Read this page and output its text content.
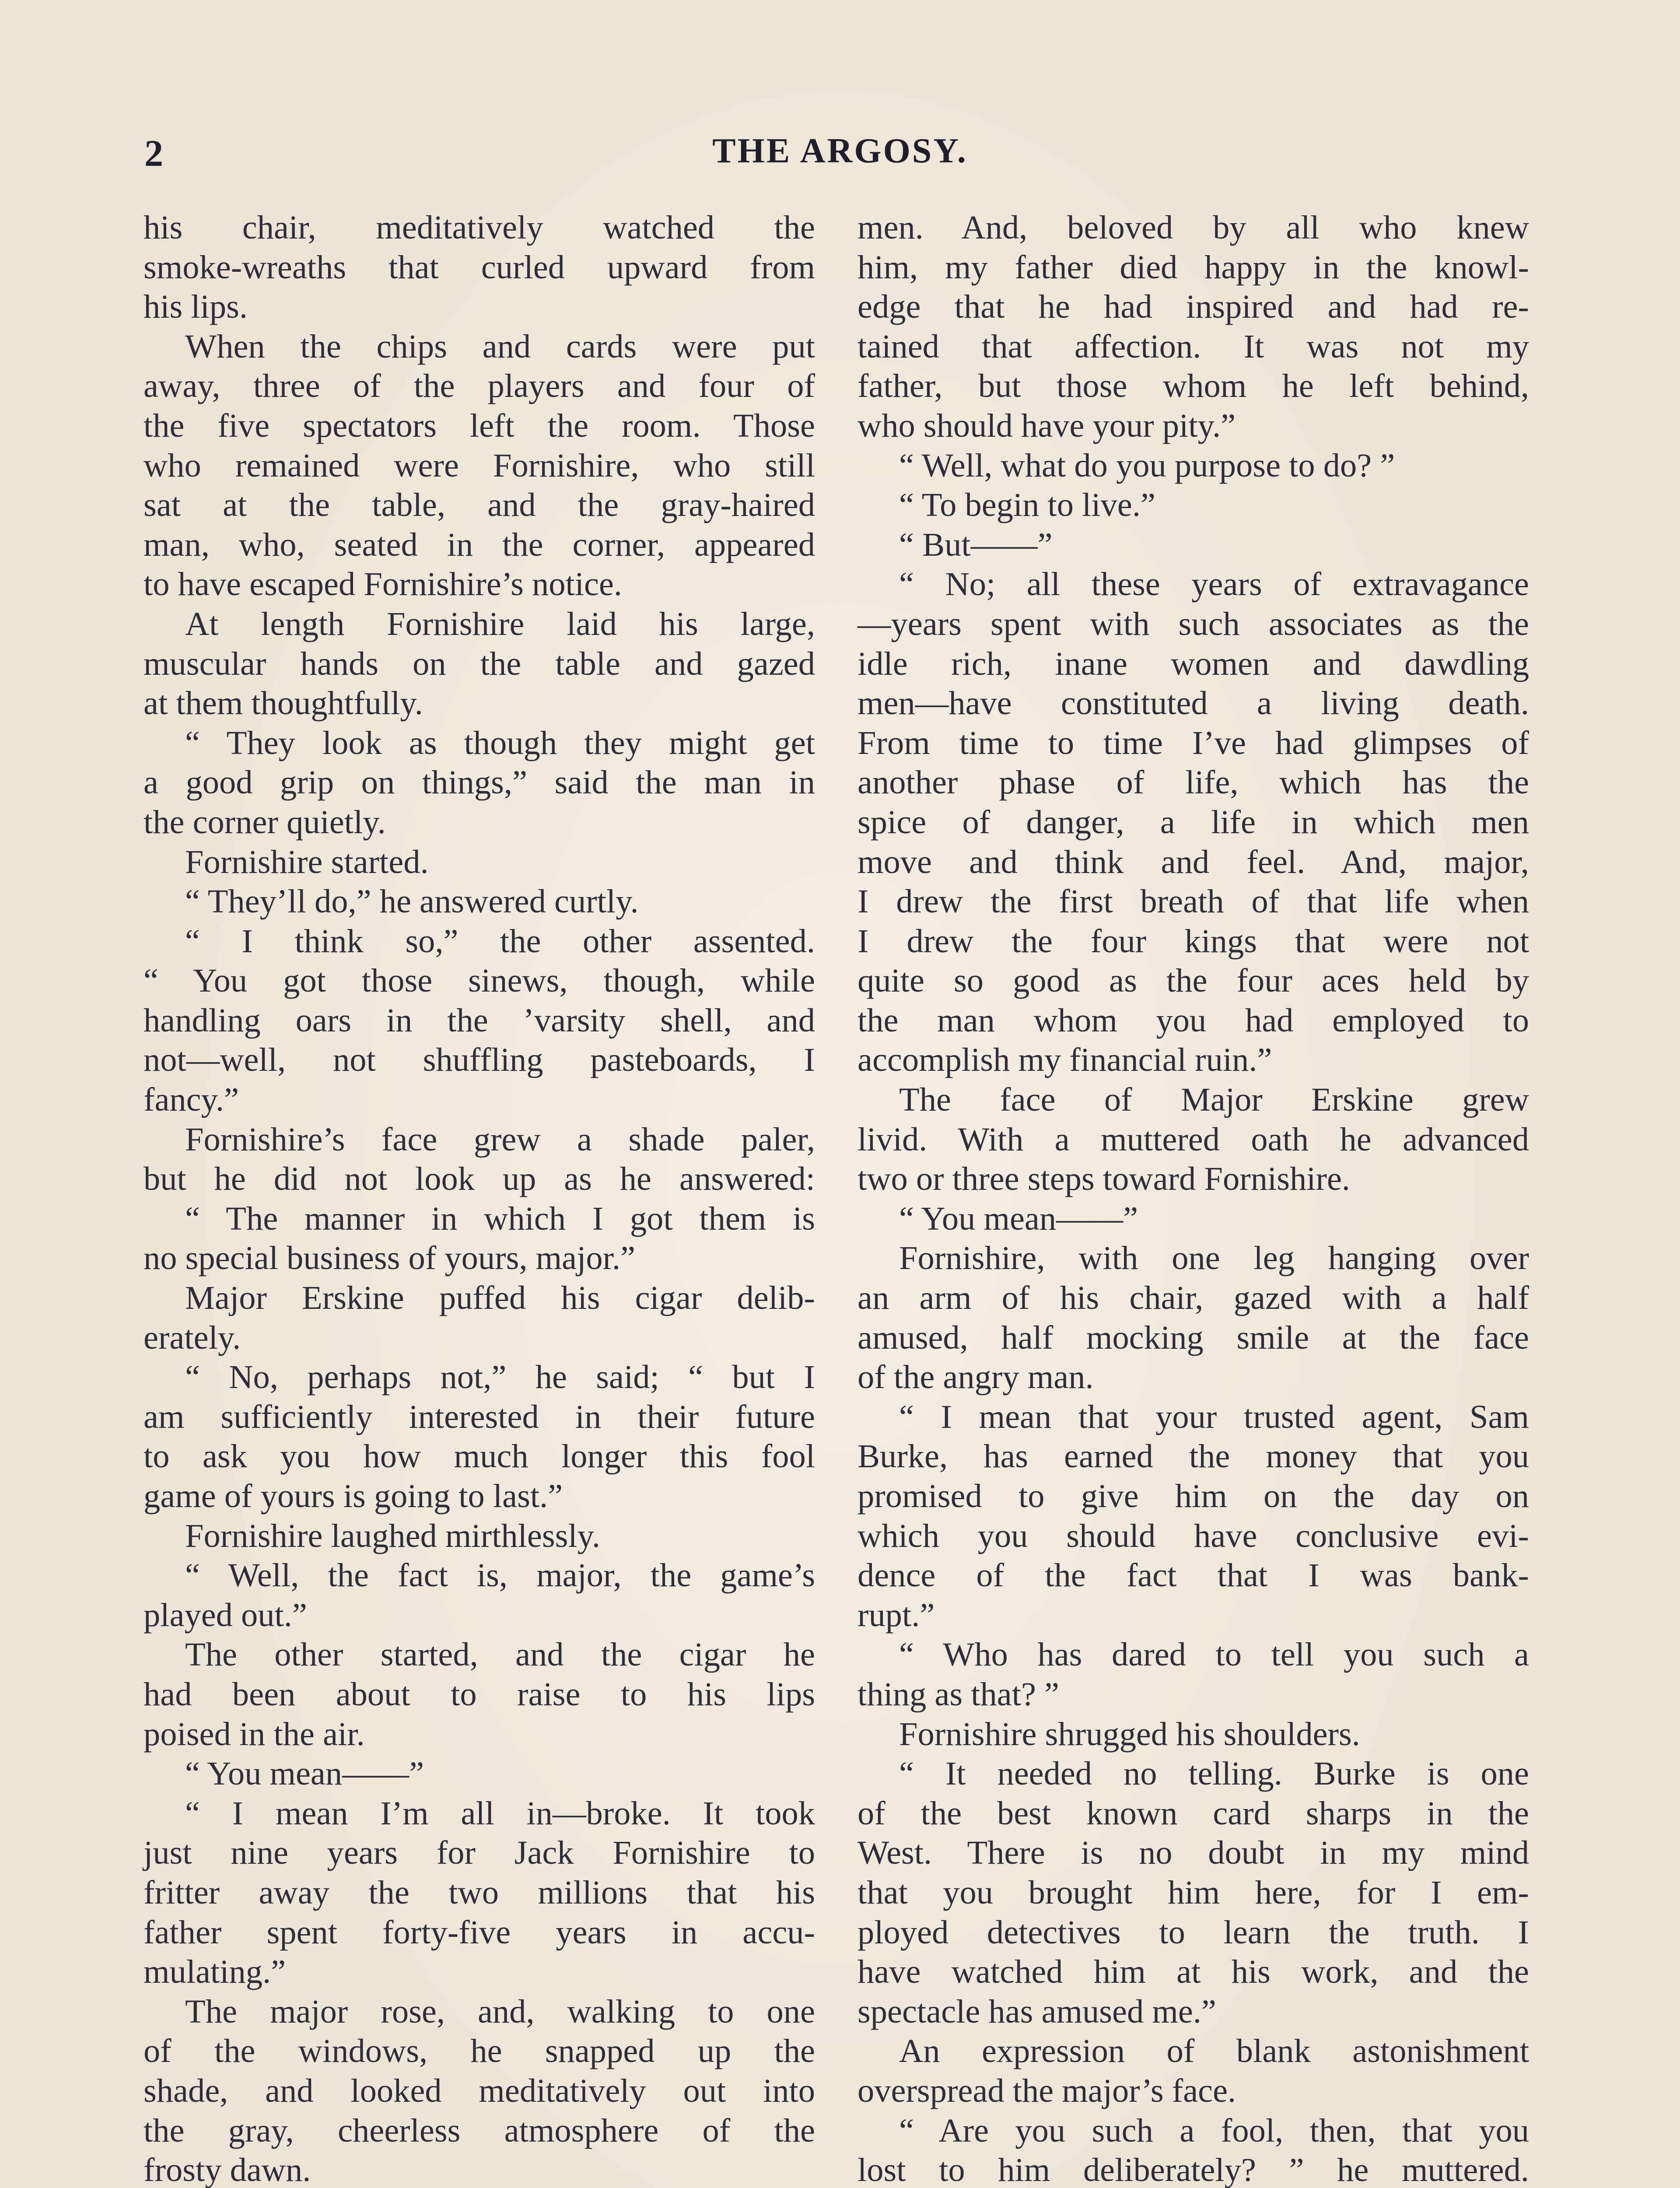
2	THE ARGOSY.
his chair, meditatively watched the
smoke-wreaths that curled upward from
his lips.
When the chips and cards were put
away, three of the players and four of
the five spectators left the room. Those
who remained were Fornishire, who still
sat at the table, and the gray-haired
man, who, seated in the corner, appeared
to have escaped Fornishire’s notice.
At length Fornishire laid his large,
muscular hands on the table and gazed
at them thoughtfully.
“ They look as though they might get
a good grip on things,” said the man in
the corner quietly.
Fornishire started.
“ They’ll do,” he answered curtly.
“ I think so,” the other assented.
“ You got those sinews, though, while
handling oars in the ’varsity shell, and
not—well, not shuffling pasteboards, I
fancy.”
Fornishire’s face grew a shade paler,
but he did not look up as he answered:
“ The manner in which I got them is
no special business of yours, major.”
Major Erskine puffed his cigar delib-
erately.
“ No, perhaps not,” he said; “ but I
am sufficiently interested in their future
to ask you how much longer this fool
game of yours is going to last.”
Fornishire laughed mirthlessly.
“ Well, the fact is, major, the game’s
played out.”
The other started, and the cigar he
had been about to raise to his lips
poised in the air.
“ You mean——”
“ I mean I’m all in—broke. It took
just nine years for Jack Fornishire to
fritter away the two millions that his
father spent forty-five years in accu-
mulating.”
The major rose, and, walking to one
of the windows, he snapped up the
shade, and looked meditatively out into
the gray, cheerless atmosphere of the
frosty dawn.
men. And, beloved by all who knew
him, my father died happy in the knowl-
edge that he had inspired and had re-
tained that affection. It was not my
father, but those whom he left behind,
who should have your pity.”
“ Well, what do you purpose to do? ”
“ To begin to live.”
“ But——”
“ No; all these years of extravagance
—years spent with such associates as the
idle rich, inane women and dawdling
men—have constituted a living death.
From time to time I’ve had glimpses of
another phase of life, which has the
spice of danger, a life in which men
move and think and feel. And, major,
I drew the first breath of that life when
I drew the four kings that were not
quite so good as the four aces held by
the man whom you had employed to
accomplish my financial ruin.”
The face of Major Erskine grew
livid. With a muttered oath he advanced
two or three steps toward Fornishire.
“ You mean——”
Fornishire, with one leg hanging over
an arm of his chair, gazed with a half
amused, half mocking smile at the face
of the angry man.
“ I mean that your trusted agent, Sam
Burke, has earned the money that you
promised to give him on the day on
which you should have conclusive evi-
dence of the fact that I was bank-
rupt.”
“ Who has dared to tell you such a
thing as that? ”
Fornishire shrugged his shoulders.
“ It needed no telling. Burke is one
of the best known card sharps in the
West. There is no doubt in my mind
that you brought him here, for I em-
ployed detectives to learn the truth. I
have watched him at his work, and the
spectacle has amused me.”
An expression of blank astonishment
overspread the major’s face.
“ Are you such a fool, then, that you
lost to him deliberately? ” he muttered.
